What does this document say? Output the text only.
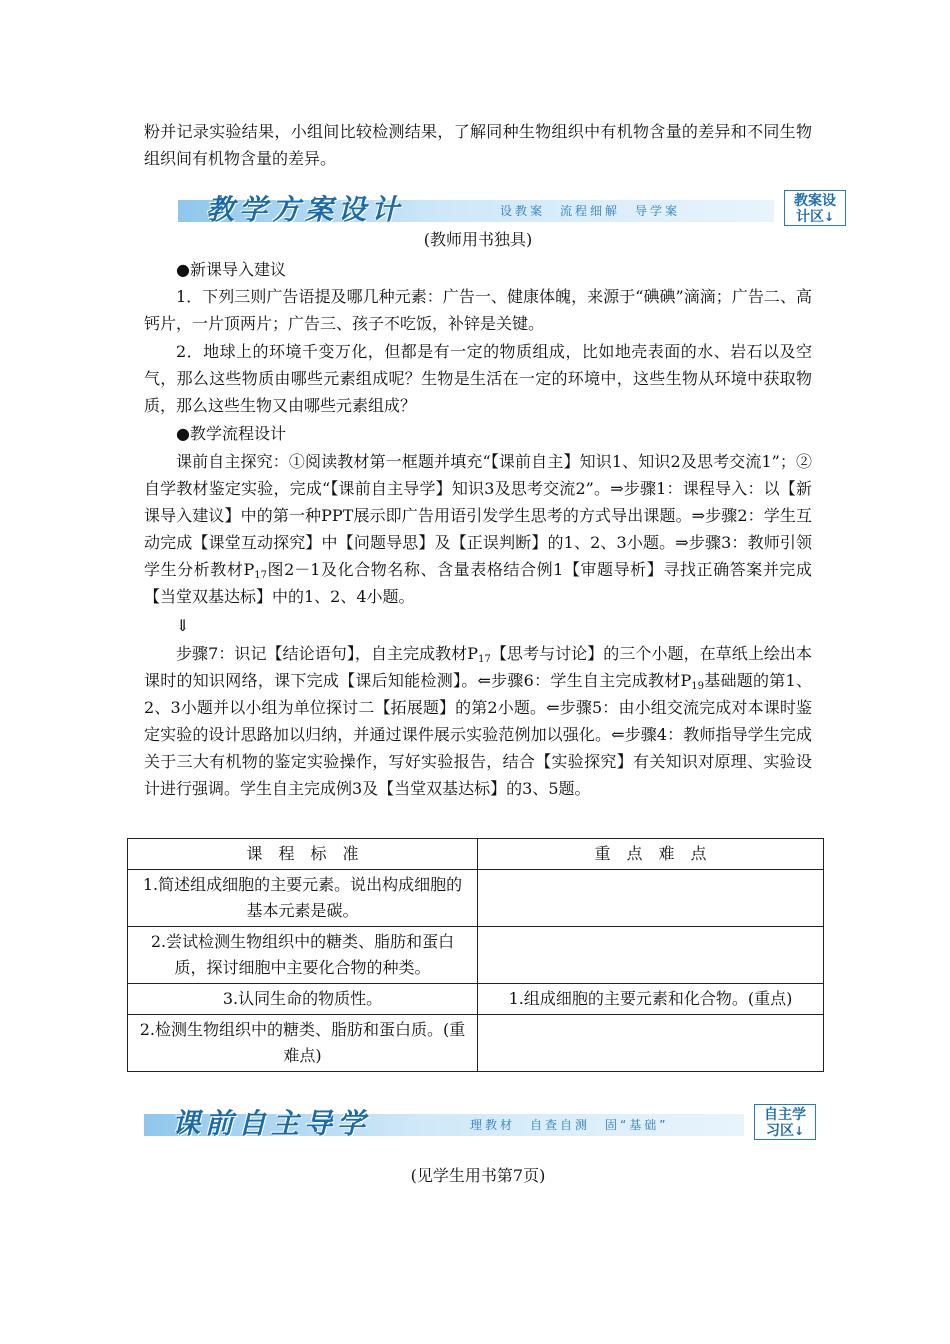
粉并记录实验结果，小组间比较检测结果，了解同种生物组织中有机物含量的差异和不同生物组织间有机物含量的差异。

教学方案设计	设教案　流程细解　导学案
教案设
计区↓

(教师用书独具)

●新课导入建议

1．下列三则广告语提及哪几种元素：广告一、健康体魄，来源于“碘碘”滴滴；广告二、高钙片，一片顶两片；广告三、孩子不吃饭，补锌是关键。

2．地球上的环境千变万化，但都是有一定的物质组成，比如地壳表面的水、岩石以及空气，那么这些物质由哪些元素组成呢？生物是生活在一定的环境中，这些生物从环境中获取物质，那么这些生物又由哪些元素组成？

●教学流程设计

课前自主探究：①阅读教材第一框题并填充“【课前自主】知识1、知识2及思考交流1”；②自学教材鉴定实验，完成“【课前自主导学】知识3及思考交流2”。⇒步骤1：课程导入：以【新课导入建议】中的第一种PPT展示即广告用语引发学生思考的方式导出课题。⇒步骤2：学生互动完成【课堂互动探究】中【问题导思】及【正误判断】的1、2、3小题。⇒步骤3：教师引领学生分析教材$P_{17}$图2－1及化合物名称、含量表格结合例1【审题导析】寻找正确答案并完成【当堂双基达标】中的1、2、4小题。

⇓

步骤7：识记【结论语句】，自主完成教材$P_{17}$【思考与讨论】的三个小题，在草纸上绘出本课时的知识网络，课下完成【课后知能检测】。⇐步骤6：学生自主完成教材$P_{19}$基础题的第1、2、3小题并以小组为单位探讨二【拓展题】的第2小题。⇐步骤5：由小组交流完成对本课时鉴定实验的设计思路加以归纳，并通过课件展示实验范例加以强化。⇐步骤4：教师指导学生完成关于三大有机物的鉴定实验操作，写好实验报告，结合【实验探究】有关知识对原理、实验设计进行强调。学生自主完成例3及【当堂双基达标】的3、5题。

课　程　标　准	重　点　难　点
1.简述组成细胞的主要元素。说出构成细胞的基本元素是碳。	
2.尝试检测生物组织中的糖类、脂肪和蛋白质，探讨细胞中主要化合物的种类。	
3.认同生命的物质性。	1.组成细胞的主要元素和化合物。(重点)
2.检测生物组织中的糖类、脂肪和蛋白质。(重难点)	
课前自主导学	理教材　自查自测　固“基础”
自主学
习区↓

(见学生用书第7页)
